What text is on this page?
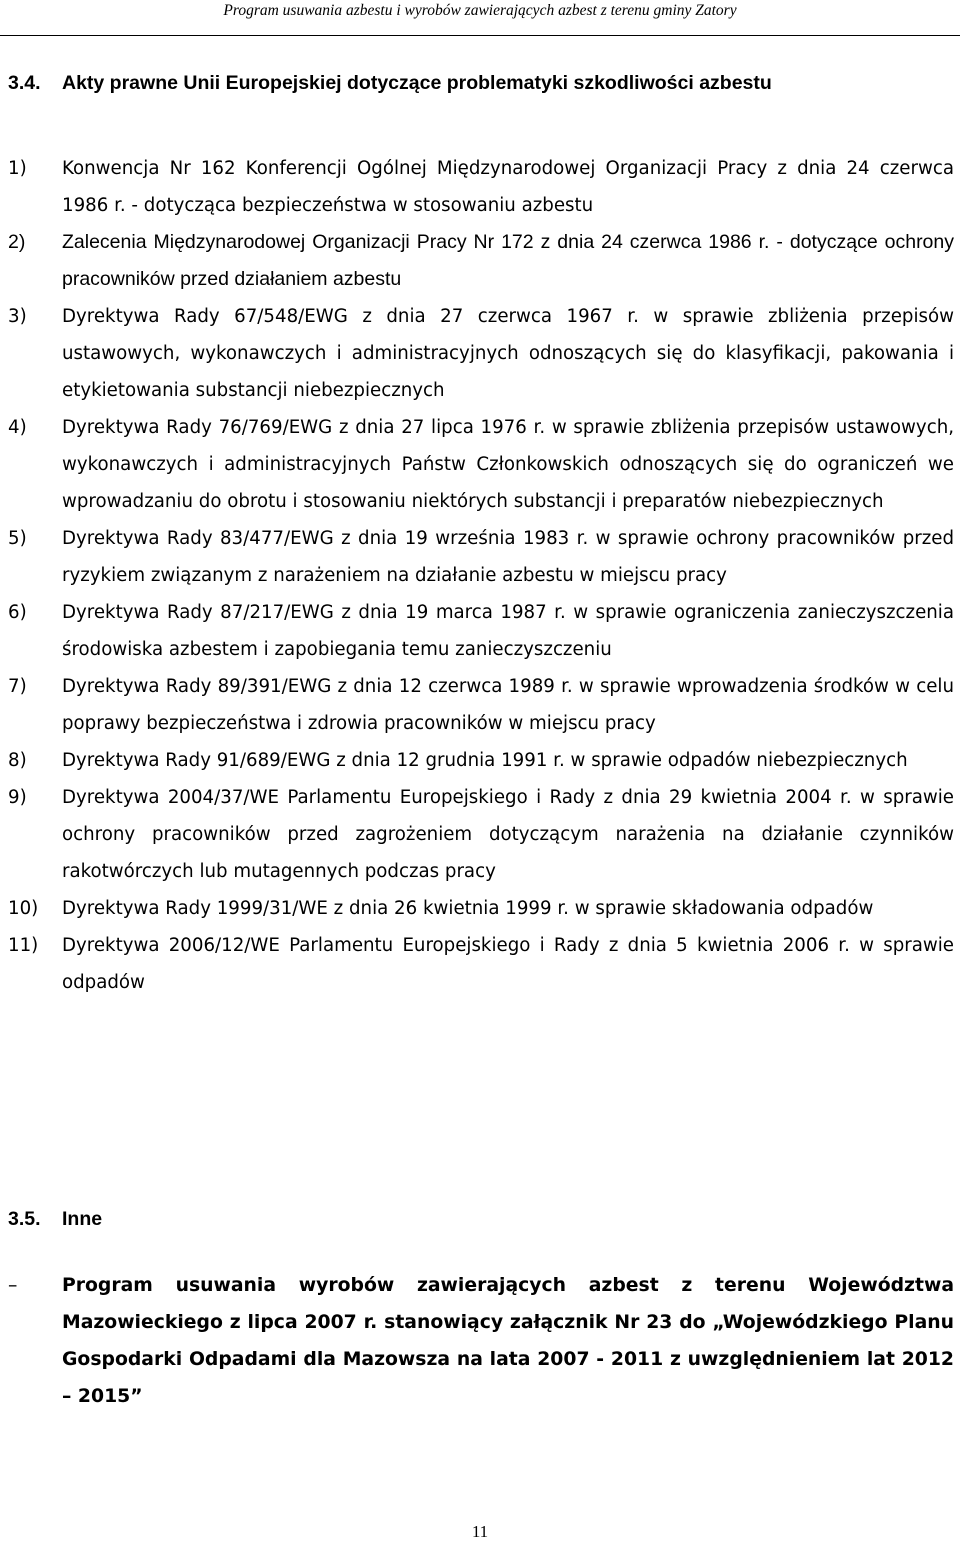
Program usuwania azbestu i wyrobów zawierających azbest z terenu gminy Zatory
3.4. Akty prawne Unii Europejskiej dotyczące problematyki szkodliwości azbestu
1)	Konwencja Nr 162 Konferencji Ogólnej Międzynarodowej Organizacji Pracy z dnia 24 czerwca 1986 r. - dotycząca bezpieczeństwa w stosowaniu azbestu
2)	Zalecenia Międzynarodowej Organizacji Pracy Nr 172 z dnia 24 czerwca 1986 r. - dotyczące ochrony pracowników przed działaniem azbestu
3)	Dyrektywa Rady 67/548/EWG z dnia 27 czerwca 1967 r. w sprawie zbliżenia przepisów ustawowych, wykonawczych i administracyjnych odnoszących się do klasyfikacji, pakowania i etykietowania substancji niebezpiecznych
4)	Dyrektywa Rady 76/769/EWG z dnia 27 lipca 1976 r. w sprawie zbliżenia przepisów ustawowych, wykonawczych i administracyjnych Państw Członkowskich odnoszących się do ograniczeń we wprowadzaniu do obrotu i stosowaniu niektórych substancji i preparatów niebezpiecznych
5)	Dyrektywa Rady 83/477/EWG z dnia 19 września 1983 r. w sprawie ochrony pracowników przed ryzykiem związanym z narażeniem na działanie azbestu w miejscu pracy
6)	Dyrektywa Rady 87/217/EWG z dnia 19 marca 1987 r. w sprawie ograniczenia zanieczyszczenia środowiska azbestem i zapobiegania temu zanieczyszczeniu
7)	Dyrektywa Rady 89/391/EWG z dnia 12 czerwca 1989 r. w sprawie wprowadzenia środków w celu poprawy bezpieczeństwa i zdrowia pracowników w miejscu pracy
8)	Dyrektywa Rady 91/689/EWG z dnia 12 grudnia 1991 r. w sprawie odpadów niebezpiecznych
9)	Dyrektywa 2004/37/WE Parlamentu Europejskiego i Rady z dnia 29 kwietnia 2004 r. w sprawie ochrony pracowników przed zagrożeniem dotyczącym narażenia na działanie czynników rakotwórczych lub mutagennych podczas pracy
10)	Dyrektywa Rady 1999/31/WE z dnia 26 kwietnia 1999 r. w sprawie składowania odpadów
11)	Dyrektywa 2006/12/WE Parlamentu Europejskiego i Rady z dnia 5 kwietnia 2006 r. w sprawie odpadów
3.5. Inne
–	Program usuwania wyrobów zawierających azbest z terenu Województwa Mazowieckiego z lipca 2007 r. stanowiący załącznik Nr 23 do „Wojewódzkiego Planu Gospodarki Odpadami dla Mazowsza na lata 2007 - 2011 z uwzględnieniem lat 2012 – 2015”
11
